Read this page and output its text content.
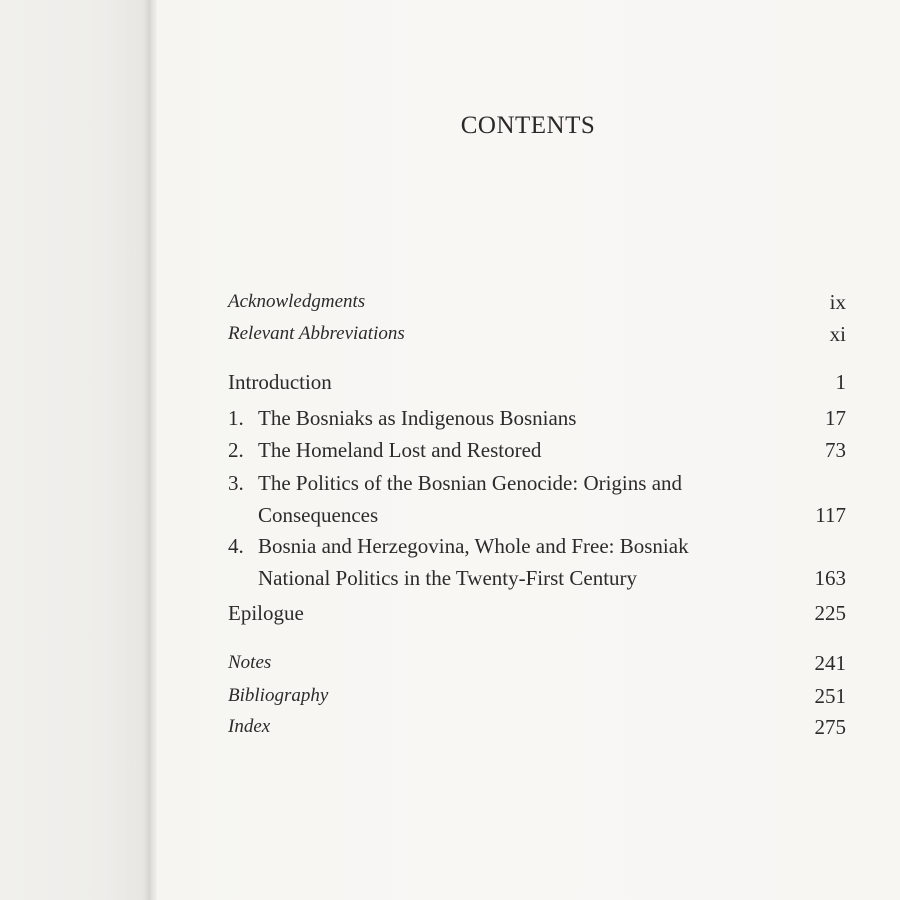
CONTENTS
Acknowledgments	ix
Relevant Abbreviations	xi
Introduction	1
1. The Bosniaks as Indigenous Bosnians	17
2. The Homeland Lost and Restored	73
3. The Politics of the Bosnian Genocide: Origins and
Consequences	117
4. Bosnia and Herzegovina, Whole and Free: Bosniak
National Politics in the Twenty-First Century	163
Epilogue	225
Notes	241
Bibliography	251
Index	275
